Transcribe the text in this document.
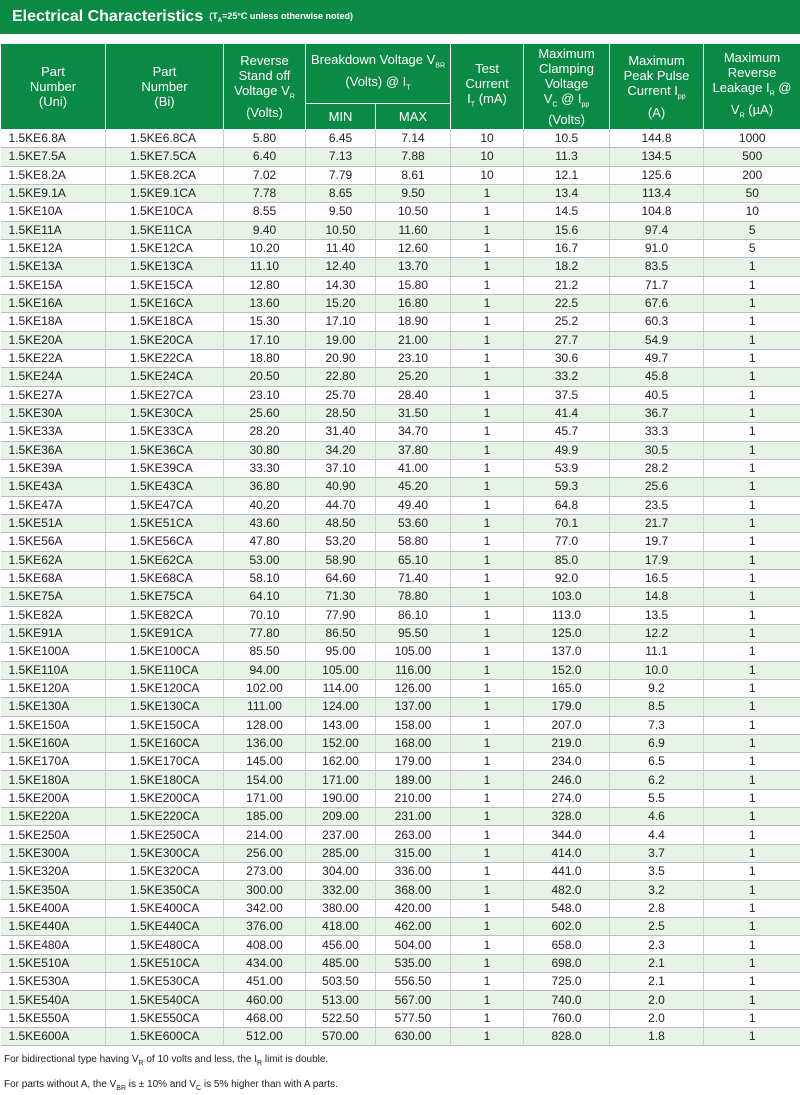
Electrical Characteristics ($T_A=25^\circ C$ unless otherwise noted)
Part
Number
(Uni)	Part
Number
(Bi)	Reverse
Stand off
Voltage $V_R$
(Volts)	Breakdown Voltage $V_{BR}$
(Volts) @ $I_T$		Test
Current
$I_T$ (mA)	Maximum
Clamping
Voltage
$V_C$ @ $I_{pp}$
(Volts)	Maximum
Peak Pulse
Current $I_{pp}$
(A)	Maximum
Reverse
Leakage $I_R$ @
$V_R$ (µA)
			MIN	MAX				
1.5KE6.8A	1.5KE6.8CA	5.80	6.45	7.14	10	10.5	144.8	1000
1.5KE7.5A	1.5KE7.5CA	6.40	7.13	7.88	10	11.3	134.5	500
1.5KE8.2A	1.5KE8.2CA	7.02	7.79	8.61	10	12.1	125.6	200
1.5KE9.1A	1.5KE9.1CA	7.78	8.65	9.50	1	13.4	113.4	50
1.5KE10A	1.5KE10CA	8.55	9.50	10.50	1	14.5	104.8	10
1.5KE11A	1.5KE11CA	9.40	10.50	11.60	1	15.6	97.4	5
1.5KE12A	1.5KE12CA	10.20	11.40	12.60	1	16.7	91.0	5
1.5KE13A	1.5KE13CA	11.10	12.40	13.70	1	18.2	83.5	1
1.5KE15A	1.5KE15CA	12.80	14.30	15.80	1	21.2	71.7	1
1.5KE16A	1.5KE16CA	13.60	15.20	16.80	1	22.5	67.6	1
1.5KE18A	1.5KE18CA	15.30	17.10	18.90	1	25.2	60.3	1
1.5KE20A	1.5KE20CA	17.10	19.00	21.00	1	27.7	54.9	1
1.5KE22A	1.5KE22CA	18.80	20.90	23.10	1	30.6	49.7	1
1.5KE24A	1.5KE24CA	20.50	22.80	25.20	1	33.2	45.8	1
1.5KE27A	1.5KE27CA	23.10	25.70	28.40	1	37.5	40.5	1
1.5KE30A	1.5KE30CA	25.60	28.50	31.50	1	41.4	36.7	1
1.5KE33A	1.5KE33CA	28.20	31.40	34.70	1	45.7	33.3	1
1.5KE36A	1.5KE36CA	30.80	34.20	37.80	1	49.9	30.5	1
1.5KE39A	1.5KE39CA	33.30	37.10	41.00	1	53.9	28.2	1
1.5KE43A	1.5KE43CA	36.80	40.90	45.20	1	59.3	25.6	1
1.5KE47A	1.5KE47CA	40.20	44.70	49.40	1	64.8	23.5	1
1.5KE51A	1.5KE51CA	43.60	48.50	53.60	1	70.1	21.7	1
1.5KE56A	1.5KE56CA	47.80	53.20	58.80	1	77.0	19.7	1
1.5KE62A	1.5KE62CA	53.00	58.90	65.10	1	85.0	17.9	1
1.5KE68A	1.5KE68CA	58.10	64.60	71.40	1	92.0	16.5	1
1.5KE75A	1.5KE75CA	64.10	71.30	78.80	1	103.0	14.8	1
1.5KE82A	1.5KE82CA	70.10	77.90	86.10	1	113.0	13.5	1
1.5KE91A	1.5KE91CA	77.80	86.50	95.50	1	125.0	12.2	1
1.5KE100A	1.5KE100CA	85.50	95.00	105.00	1	137.0	11.1	1
1.5KE110A	1.5KE110CA	94.00	105.00	116.00	1	152.0	10.0	1
1.5KE120A	1.5KE120CA	102.00	114.00	126.00	1	165.0	9.2	1
1.5KE130A	1.5KE130CA	111.00	124.00	137.00	1	179.0	8.5	1
1.5KE150A	1.5KE150CA	128.00	143.00	158.00	1	207.0	7.3	1
1.5KE160A	1.5KE160CA	136.00	152.00	168.00	1	219.0	6.9	1
1.5KE170A	1.5KE170CA	145.00	162.00	179.00	1	234.0	6.5	1
1.5KE180A	1.5KE180CA	154.00	171.00	189.00	1	246.0	6.2	1
1.5KE200A	1.5KE200CA	171.00	190.00	210.00	1	274.0	5.5	1
1.5KE220A	1.5KE220CA	185.00	209.00	231.00	1	328.0	4.6	1
1.5KE250A	1.5KE250CA	214.00	237.00	263.00	1	344.0	4.4	1
1.5KE300A	1.5KE300CA	256.00	285.00	315.00	1	414.0	3.7	1
1.5KE320A	1.5KE320CA	273.00	304.00	336.00	1	441.0	3.5	1
1.5KE350A	1.5KE350CA	300.00	332.00	368.00	1	482.0	3.2	1
1.5KE400A	1.5KE400CA	342.00	380.00	420.00	1	548.0	2.8	1
1.5KE440A	1.5KE440CA	376.00	418.00	462.00	1	602.0	2.5	1
1.5KE480A	1.5KE480CA	408.00	456.00	504.00	1	658.0	2.3	1
1.5KE510A	1.5KE510CA	434.00	485.00	535.00	1	698.0	2.1	1
1.5KE530A	1.5KE530CA	451.00	503.50	556.50	1	725.0	2.1	1
1.5KE540A	1.5KE540CA	460.00	513.00	567.00	1	740.0	2.0	1
1.5KE550A	1.5KE550CA	468.00	522.50	577.50	1	760.0	2.0	1
1.5KE600A	1.5KE600CA	512.00	570.00	630.00	1	828.0	1.8	1

For bidirectional type having $V_R$ of 10 volts and less, the $I_R$ limit is double.

For parts without A, the $V_{BR}$ is ± 10% and $V_C$ is 5% higher than with A parts.
